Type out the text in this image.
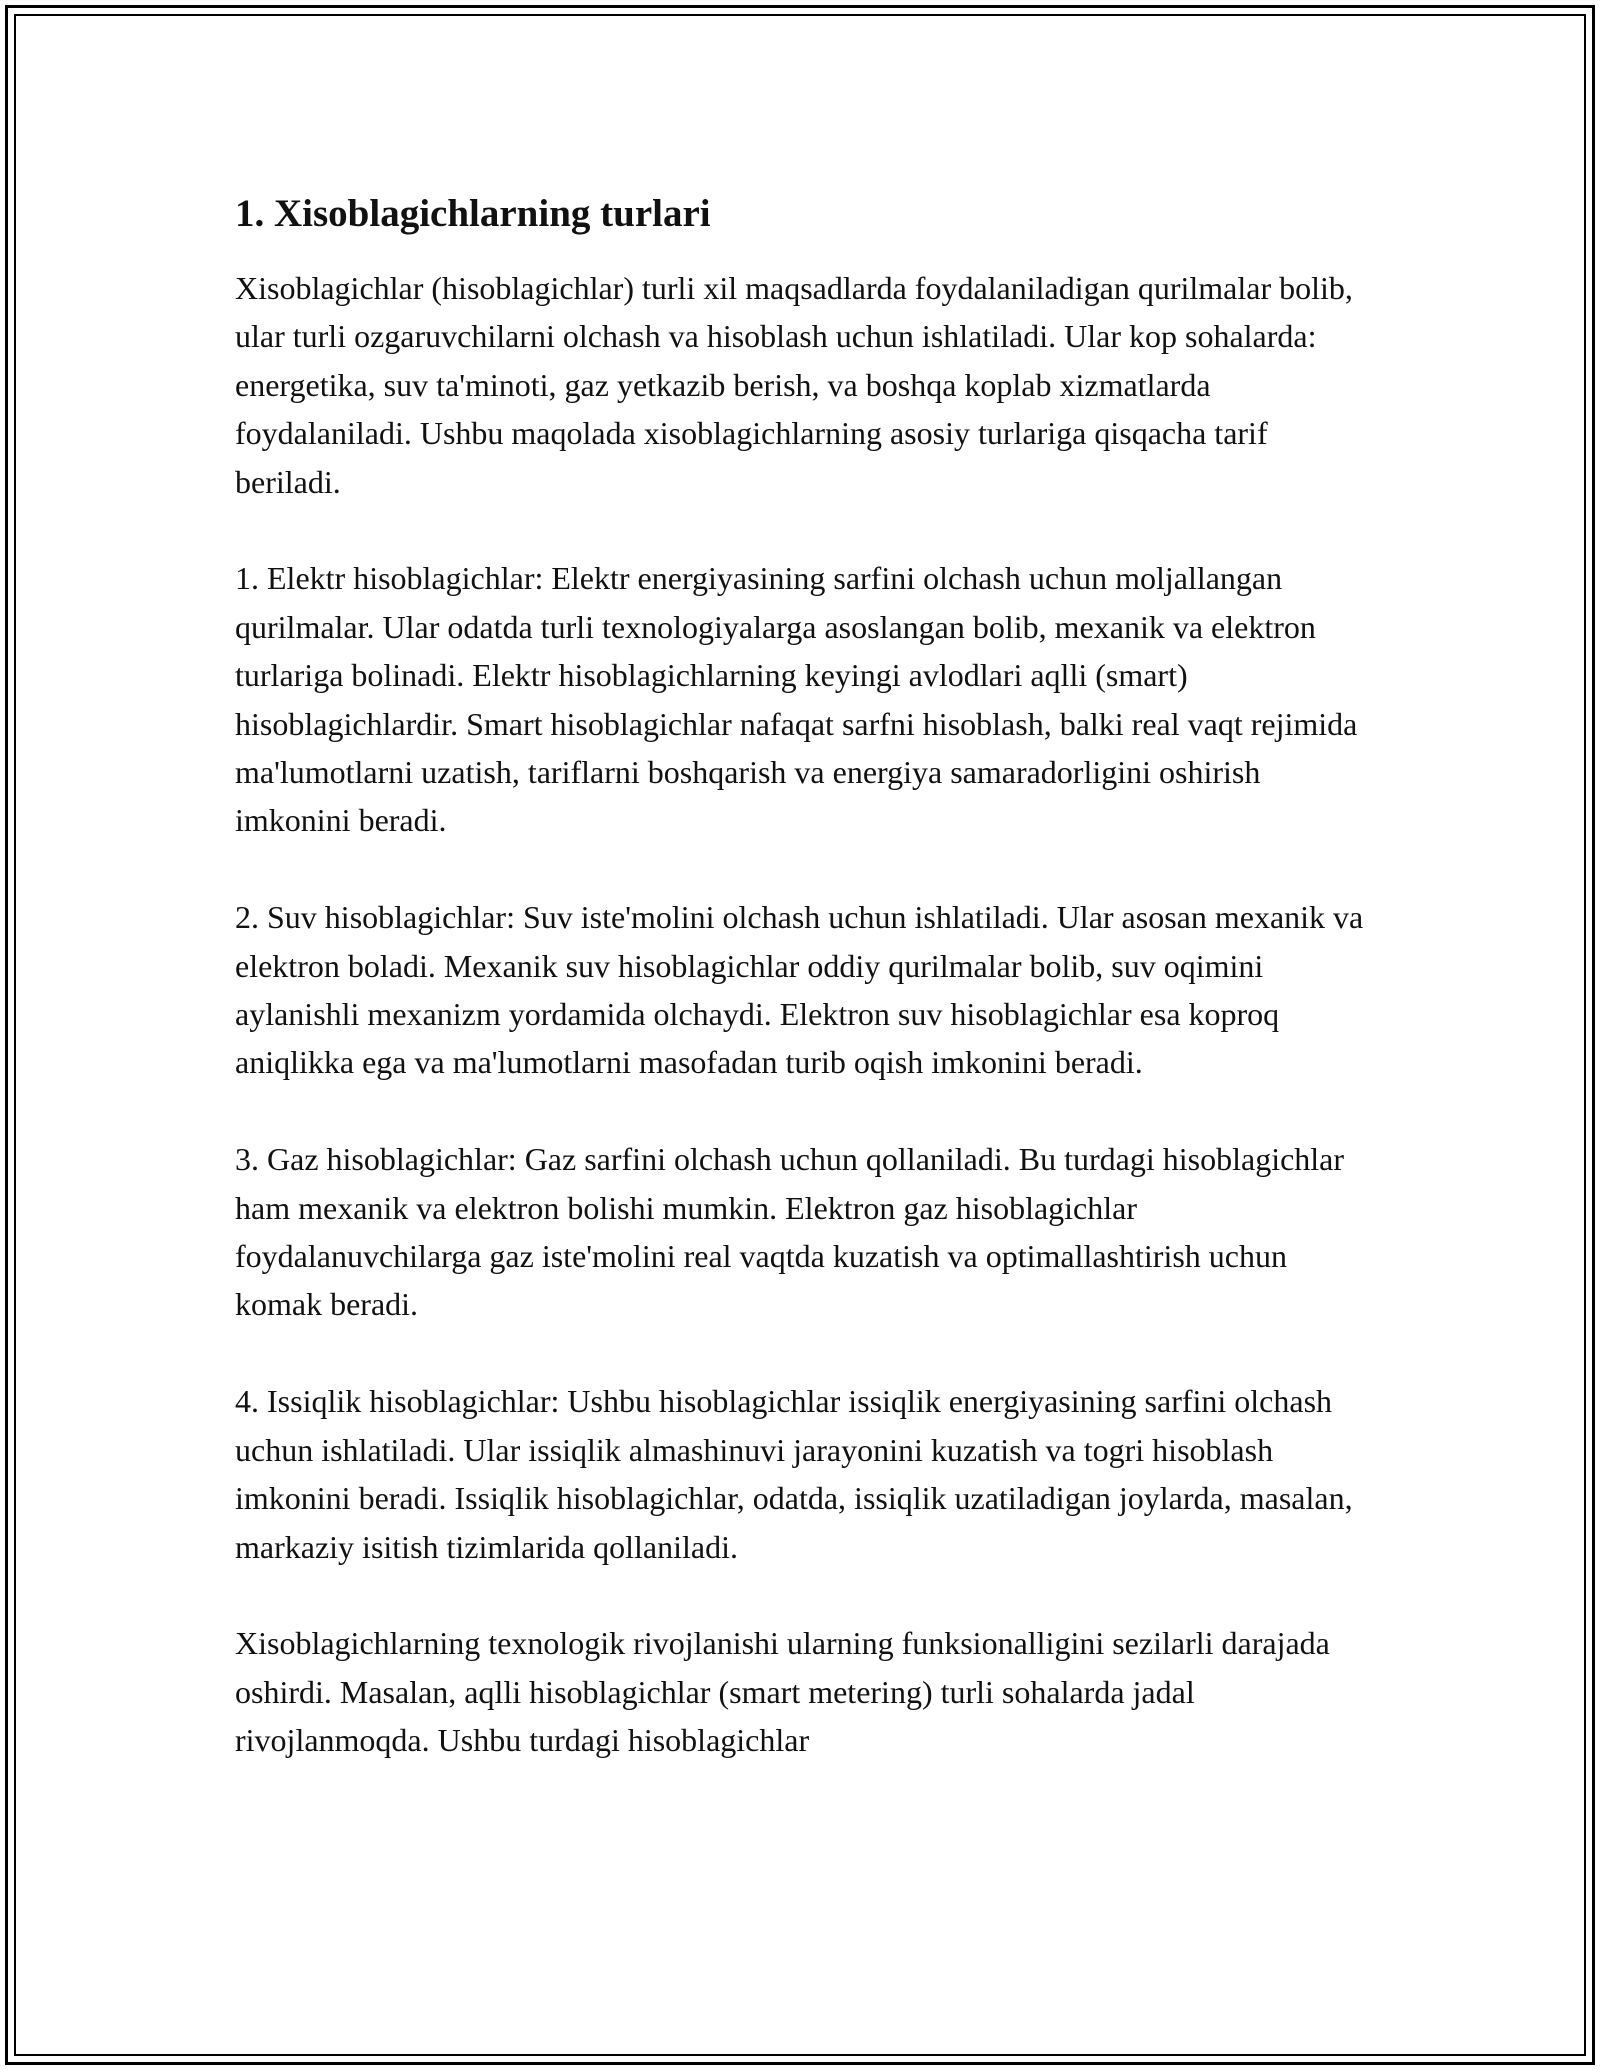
1. Xisoblagichlarning turlari

Xisoblagichlar (hisoblagichlar) turli xil maqsadlarda foydalaniladigan qurilmalar bolib, ular turli ozgaruvchilarni olchash va hisoblash uchun ishlatiladi. Ular kop sohalarda: energetika, suv ta'minoti, gaz yetkazib berish, va boshqa koplab xizmatlarda foydalaniladi. Ushbu maqolada xisoblagichlarning asosiy turlariga qisqacha tarif beriladi.

1. Elektr hisoblagichlar: Elektr energiyasining sarfini olchash uchun moljallangan qurilmalar. Ular odatda turli texnologiyalarga asoslangan bolib, mexanik va elektron turlariga bolinadi. Elektr hisoblagichlarning keyingi avlodlari aqlli (smart) hisoblagichlardir. Smart hisoblagichlar nafaqat sarfni hisoblash, balki real vaqt rejimida ma'lumotlarni uzatish, tariflarni boshqarish va energiya samaradorligini oshirish imkonini beradi.

2. Suv hisoblagichlar: Suv iste'molini olchash uchun ishlatiladi. Ular asosan mexanik va elektron boladi. Mexanik suv hisoblagichlar oddiy qurilmalar bolib, suv oqimini aylanishli mexanizm yordamida olchaydi. Elektron suv hisoblagichlar esa koproq aniqlikka ega va ma'lumotlarni masofadan turib oqish imkonini beradi.

3. Gaz hisoblagichlar: Gaz sarfini olchash uchun qollaniladi. Bu turdagi hisoblagichlar ham mexanik va elektron bolishi mumkin. Elektron gaz hisoblagichlar foydalanuvchilarga gaz iste'molini real vaqtda kuzatish va optimallashtirish uchun komak beradi.

4. Issiqlik hisoblagichlar: Ushbu hisoblagichlar issiqlik energiyasining sarfini olchash uchun ishlatiladi. Ular issiqlik almashinuvi jarayonini kuzatish va togri hisoblash imkonini beradi. Issiqlik hisoblagichlar, odatda, issiqlik uzatiladigan joylarda, masalan, markaziy isitish tizimlarida qollaniladi.

Xisoblagichlarning texnologik rivojlanishi ularning funksionalligini sezilarli darajada oshirdi. Masalan, aqlli hisoblagichlar (smart metering) turli sohalarda jadal rivojlanmoqda. Ushbu turdagi hisoblagichlar
